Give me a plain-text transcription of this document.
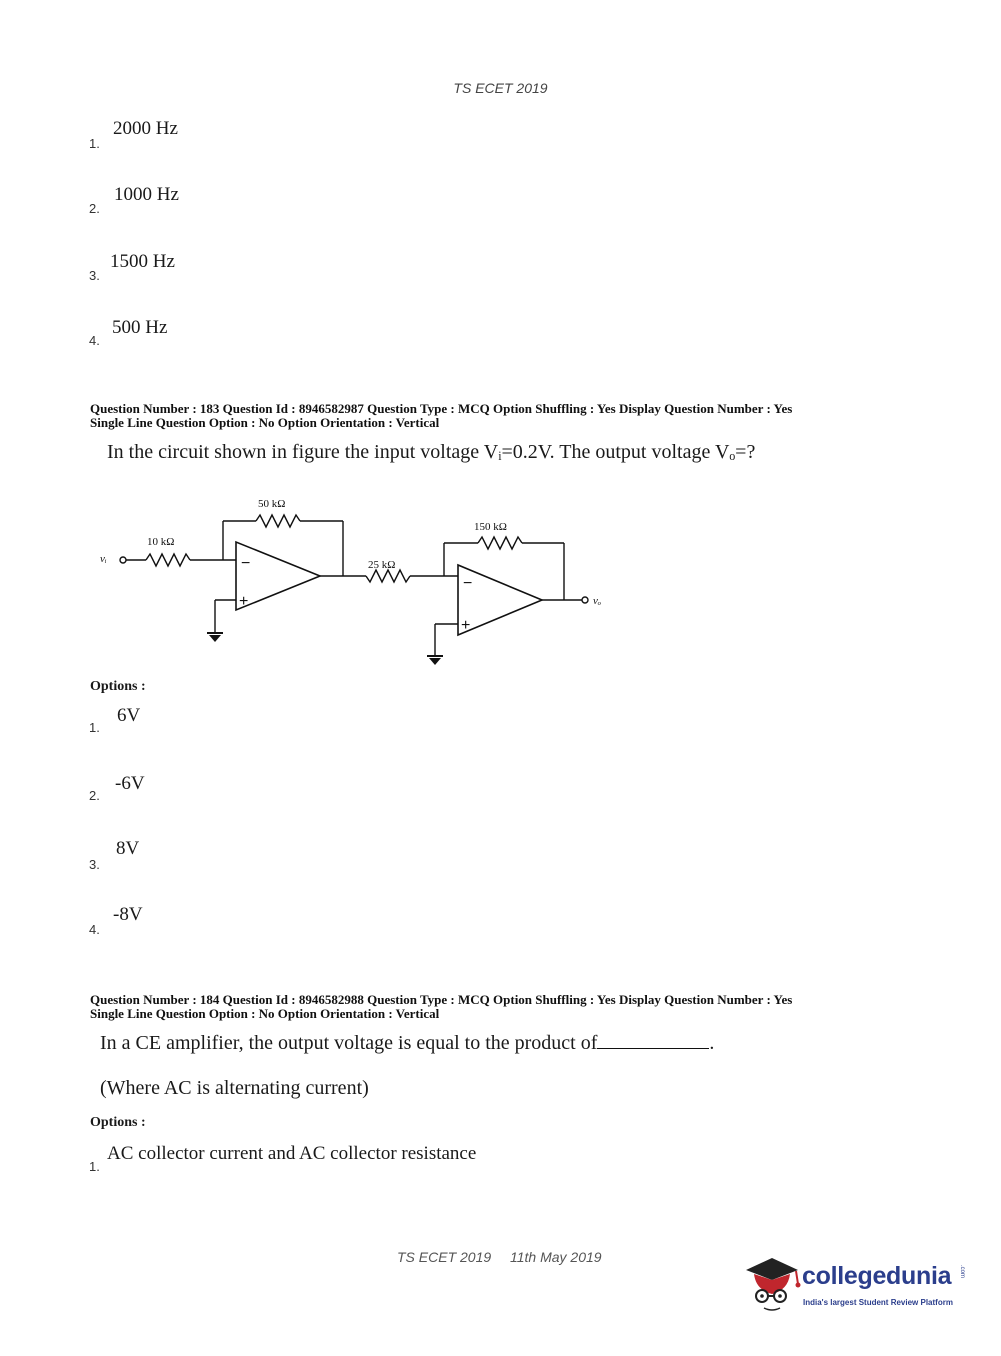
TS ECET 2019
1.
2000 Hz
2.
1000 Hz
3.
1500 Hz
4.
500 Hz
Question Number : 183 Question Id : 8946582987 Question Type : MCQ Option Shuffling : Yes Display Question Number : Yes
Single Line Question Option : No Option Orientation : Vertical
In the circuit shown in figure the input voltage Vᵢ=0.2V. The output voltage Vₒ=?
vᵢ
10 kΩ
50 kΩ
−
+
25 kΩ
150 kΩ
−
+
vₒ
Options :
1.
6V
2.
-6V
3.
8V
4.
-8V
Question Number : 184 Question Id : 8946582988 Question Type : MCQ Option Shuffling : Yes Display Question Number : Yes
Single Line Question Option : No Option Orientation : Vertical
In a CE amplifier, the output voltage is equal to the product of	.
(Where AC is alternating current)
Options :
1.
AC collector current and AC collector resistance
TS ECET 2019 11th May 2019
collegedunia .com
India's largest Student Review Platform
